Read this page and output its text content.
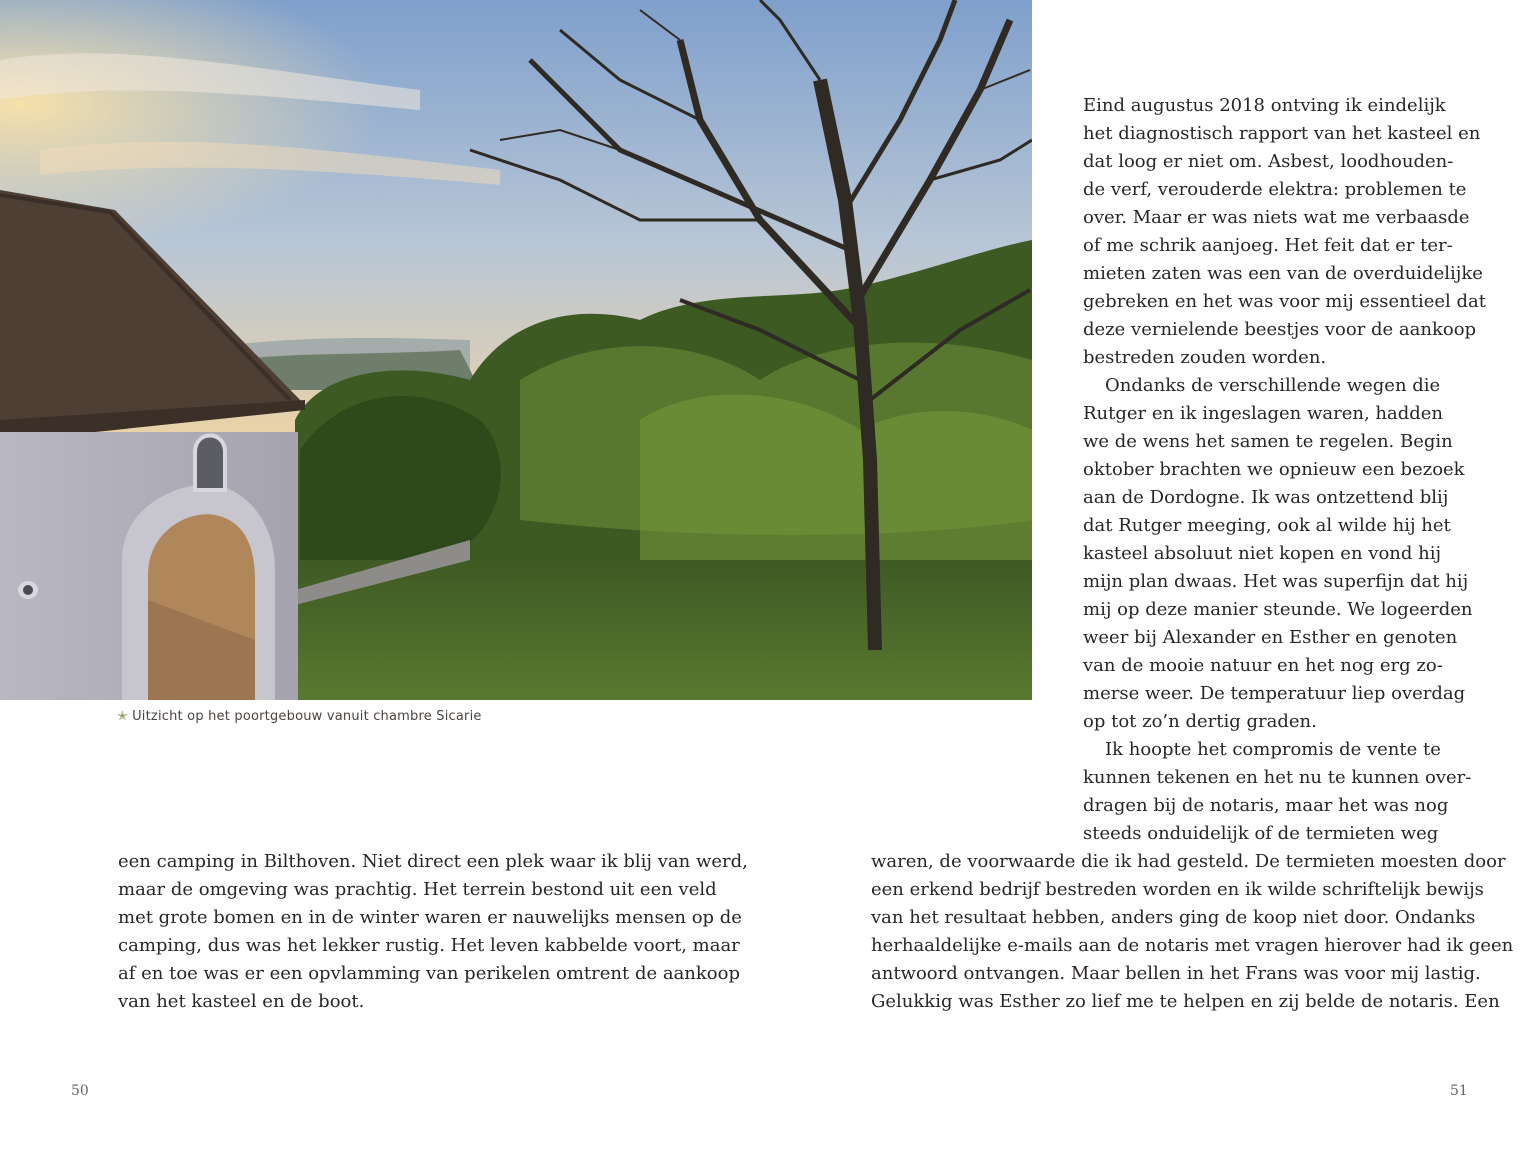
✭ Uitzicht op het poortgebouw vanuit chambre Sicarie
Eind augustus 2018 ontving ik eindelijk
het diagnostisch rapport van het kasteel en
dat loog er niet om. Asbest, loodhouden-
de verf, verouderde elektra: problemen te
over. Maar er was niets wat me verbaasde
of me schrik aanjoeg. Het feit dat er ter-
mieten zaten was een van de overduidelijke
gebreken en het was voor mij essentieel dat
deze vernielende beestjes voor de aankoop
bestreden zouden worden.
Ondanks de verschillende wegen die
Rutger en ik ingeslagen waren, hadden
we de wens het samen te regelen. Begin
oktober brachten we opnieuw een bezoek
aan de Dordogne. Ik was ontzettend blij
dat Rutger meeging, ook al wilde hij het
kasteel absoluut niet kopen en vond hij
mijn plan dwaas. Het was superfijn dat hij
mij op deze manier steunde. We logeerden
weer bij Alexander en Esther en genoten
van de mooie natuur en het nog erg zo-
merse weer. De temperatuur liep overdag
op tot zo’n dertig graden.
Ik hoopte het compromis de vente te
kunnen tekenen en het nu te kunnen over-
dragen bij de notaris, maar het was nog
steeds onduidelijk of de termieten weg
een camping in Bilthoven. Niet direct een plek waar ik blij van werd,
maar de omgeving was prachtig. Het terrein bestond uit een veld
met grote bomen en in de winter waren er nauwelijks mensen op de
camping, dus was het lekker rustig. Het leven kabbelde voort, maar
af en toe was er een opvlamming van perikelen omtrent de aankoop
van het kasteel en de boot.
waren, de voorwaarde die ik had gesteld. De termieten moesten door
een erkend bedrijf bestreden worden en ik wilde schriftelijk bewijs
van het resultaat hebben, anders ging de koop niet door. Ondanks
herhaaldelijke e-mails aan de notaris met vragen hierover had ik geen
antwoord ontvangen. Maar bellen in het Frans was voor mij lastig.
Gelukkig was Esther zo lief me te helpen en zij belde de notaris. Een
50	51
